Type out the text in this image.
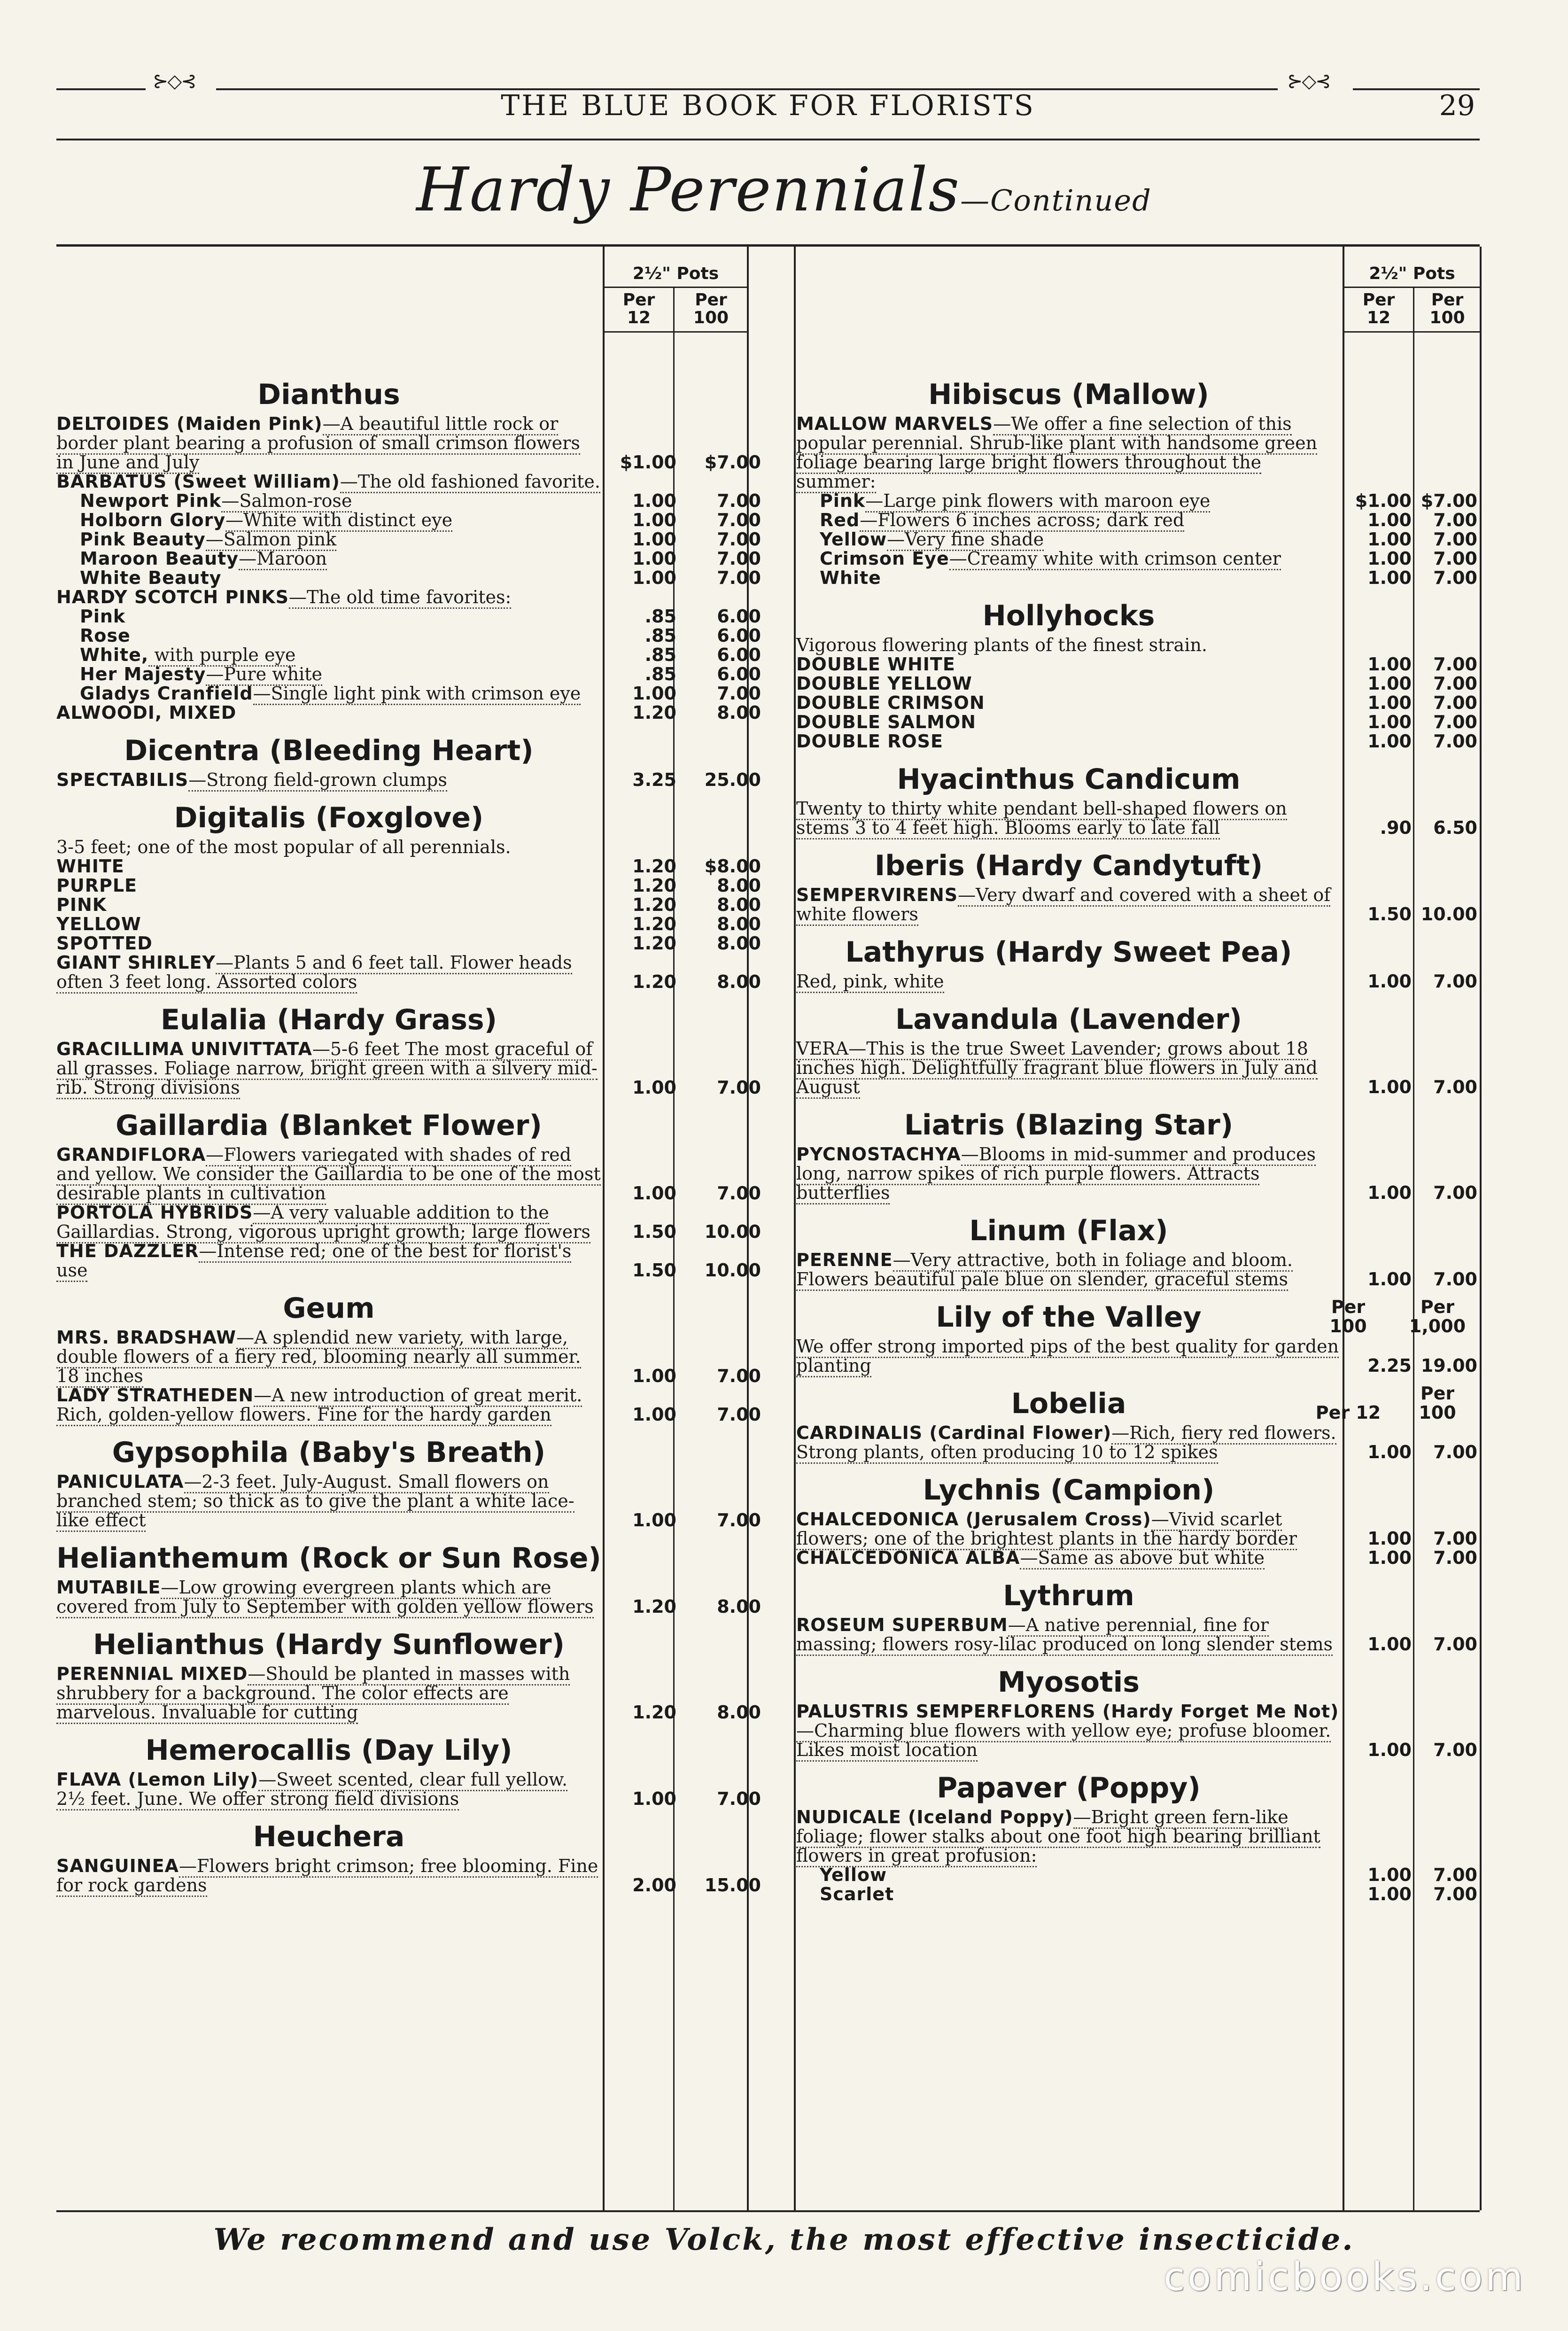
⊱◇⊰	⊱◇⊰
THE BLUE BOOK FOR FLORISTS	29
Hardy Perennials—Continued
2½" Pots
Per
12
Per
100
2½" Pots
Per
12
Per
100
Dianthus
DELTOIDES (Maiden Pink)—A beautiful little rock or border plant bearing a profusion of small crimson flowers in June and July	$1.00	$7.00
BARBATUS (Sweet William)—The old fashioned favorite.
Newport Pink—Salmon-rose	1.00	7.00
Holborn Glory—White with distinct eye	1.00	7.00
Pink Beauty—Salmon pink	1.00	7.00
Maroon Beauty—Maroon	1.00	7.00
White Beauty	1.00	7.00
HARDY SCOTCH PINKS—The old time favorites:
Pink	.85	6.00
Rose	.85	6.00
White, with purple eye	.85	6.00
Her Majesty—Pure white	.85	6.00
Gladys Cranfield—Single light pink with crimson eye	1.00	7.00
ALWOODI, MIXED	1.20	8.00
Dicentra (Bleeding Heart)
SPECTABILIS—Strong field-grown clumps	3.25	25.00
Digitalis (Foxglove)
3-5 feet; one of the most popular of all perennials.
WHITE	1.20	$8.00
PURPLE	1.20	8.00
PINK	1.20	8.00
YELLOW	1.20	8.00
SPOTTED	1.20	8.00
GIANT SHIRLEY—Plants 5 and 6 feet tall. Flower heads often 3 feet long. Assorted colors	1.20	8.00
Eulalia (Hardy Grass)
GRACILLIMA UNIVITTATA—5-6 feet The most graceful of all grasses. Foliage narrow, bright green with a silvery mid-rib. Strong divisions	1.00	7.00
Gaillardia (Blanket Flower)
GRANDIFLORA—Flowers variegated with shades of red and yellow. We consider the Gaillardia to be one of the most desirable plants in cultivation	1.00	7.00
PORTOLA HYBRIDS—A very valuable addition to the Gaillardias. Strong, vigorous upright growth; large flowers	1.50	10.00
THE DAZZLER—Intense red; one of the best for florist's use	1.50	10.00
Geum
MRS. BRADSHAW—A splendid new variety, with large, double flowers of a fiery red, blooming nearly all summer. 18 inches	1.00	7.00
LADY STRATHEDEN—A new introduction of great merit. Rich, golden-yellow flowers. Fine for the hardy garden	1.00	7.00
Gypsophila (Baby's Breath)
PANICULATA—2-3 feet. July-August. Small flowers on branched stem; so thick as to give the plant a white lace-like effect	1.00	7.00
Helianthemum (Rock or Sun Rose)
MUTABILE—Low growing evergreen plants which are covered from July to September with golden yellow flowers	1.20	8.00
Helianthus (Hardy Sunflower)
PERENNIAL MIXED—Should be planted in masses with shrubbery for a background. The color effects are marvelous. Invaluable for cutting	1.20	8.00
Hemerocallis (Day Lily)
FLAVA (Lemon Lily)—Sweet scented, clear full yellow. 2½ feet. June. We offer strong field divisions	1.00	7.00
Heuchera
SANGUINEA—Flowers bright crimson; free blooming. Fine for rock gardens	2.00	15.00
Hibiscus (Mallow)
MALLOW MARVELS—We offer a fine selection of this popular perennial. Shrub-like plant with handsome green foliage bearing large bright flowers throughout the summer:
Pink—Large pink flowers with maroon eye	$1.00 $7.00
Red—Flowers 6 inches across; dark red	1.00	7.00
Yellow—Very fine shade	1.00	7.00
Crimson Eye—Creamy white with crimson center	1.00	7.00
White	1.00	7.00
Hollyhocks
Vigorous flowering plants of the finest strain.
DOUBLE WHITE	1.00	7.00
DOUBLE YELLOW	1.00	7.00
DOUBLE CRIMSON	1.00	7.00
DOUBLE SALMON	1.00	7.00
DOUBLE ROSE	1.00	7.00
Hyacinthus Candicum
Twenty to thirty white pendant bell-shaped flowers on stems 3 to 4 feet high. Blooms early to late fall	.90	6.50
Iberis (Hardy Candytuft)
SEMPERVIRENS—Very dwarf and covered with a sheet of white flowers	1.50 10.00
Lathyrus (Hardy Sweet Pea)
Red, pink, white	1.00	7.00
Lavandula (Lavender)
VERA—This is the true Sweet Lavender; grows about 18 inches high. Delightfully fragrant blue flowers in July and August	1.00	7.00
Liatris (Blazing Star)
PYCNOSTACHYA—Blooms in mid-summer and produces long, narrow spikes of rich purple flowers. Attracts butterflies	1.00	7.00
Linum (Flax)
PERENNE—Very attractive, both in foliage and bloom. Flowers beautiful pale blue on slender, graceful stems	1.00	7.00
Lily of the Valley
We offer strong imported pips of the best quality for garden planting
Per 100
Per 1,000
2.25 19.00
Lobelia
CARDINALIS (Cardinal Flower)—Rich, fiery red flowers. Strong plants, often producing 10 to 12 spikes
Per 12
Per 100
1.00	7.00
Lychnis (Campion)
CHALCEDONICA (Jerusalem Cross)—Vivid scarlet flowers; one of the brightest plants in the hardy border	1.00	7.00
CHALCEDONICA ALBA—Same as above but white	1.00	7.00
Lythrum
ROSEUM SUPERBUM—A native perennial, fine for massing; flowers rosy-lilac produced on long slender stems	1.00	7.00
Myosotis
PALUSTRIS SEMPERFLORENS (Hardy Forget Me Not)—Charming blue flowers with yellow eye; profuse bloomer. Likes moist location	1.00	7.00
Papaver (Poppy)
NUDICALE (Iceland Poppy)—Bright green fern-like foliage; flower stalks about one foot high bearing brilliant flowers in great profusion:
Yellow	1.00	7.00
Scarlet	1.00	7.00
We recommend and use Volck, the most effective insecticide.
comicbooks.com
